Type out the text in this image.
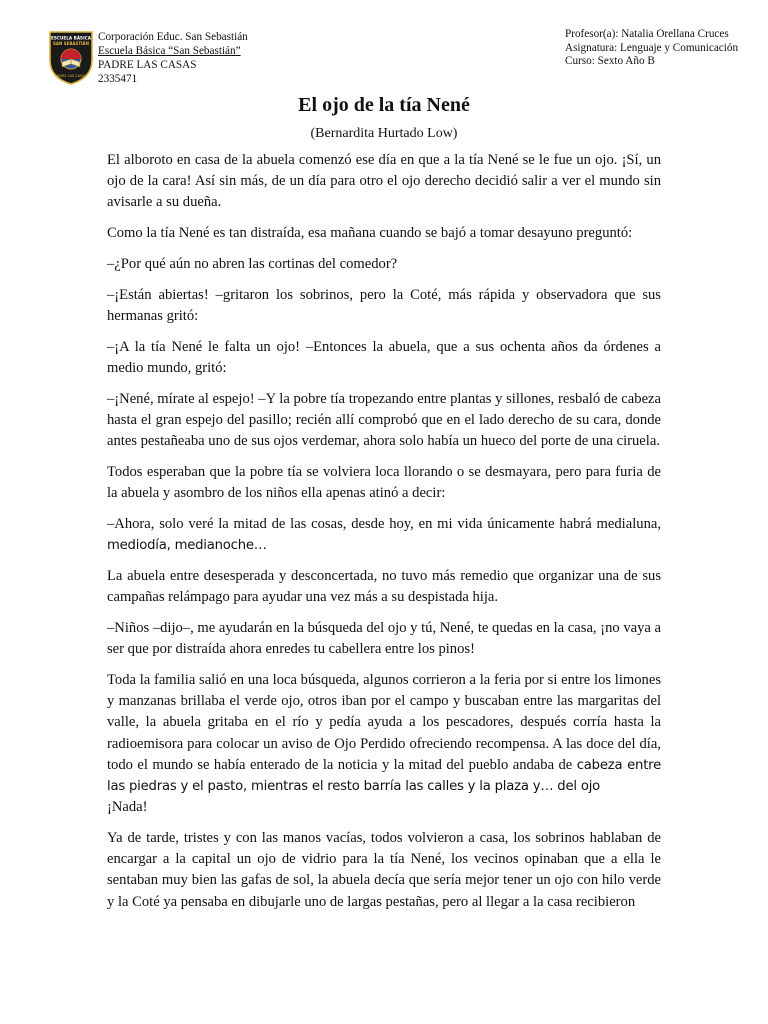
ESCUELA BÁSICA
SAN SEBASTIÁN
PADRE LAS CASAS
Corporación Educ. San Sebastián
Escuela Básica “San Sebastián”
PADRE LAS CASAS
2335471
Profesor(a): Natalia Orellana Cruces
Asignatura: Lenguaje y Comunicación
Curso: Sexto Año B
El ojo de la tía Nené
(Bernardita Hurtado Low)

El alboroto en casa de la abuela comenzó ese día en que a la tía Nené se le fue un ojo. ¡Sí, un ojo de la cara! Así sin más, de un día para otro el ojo derecho decidió salir a ver el mundo sin avisarle a su dueña.

Como la tía Nené es tan distraída, esa mañana cuando se bajó a tomar desayuno preguntó:

–¿Por qué aún no abren las cortinas del comedor?

–¡Están abiertas! –gritaron los sobrinos, pero la Coté, más rápida y observadora que sus hermanas gritó:

–¡A la tía Nené le falta un ojo! –Entonces la abuela, que a sus ochenta años da órdenes a medio mundo, gritó:

–¡Nené, mírate al espejo! –Y la pobre tía tropezando entre plantas y sillones, resbaló de cabeza hasta el gran espejo del pasillo; recién allí comprobó que en el lado derecho de su cara, donde antes pestañeaba uno de sus ojos verdemar, ahora solo había un hueco del porte de una ciruela.

Todos esperaban que la pobre tía se volviera loca llorando o se desmayara, pero para furia de la abuela y asombro de los niños ella apenas atinó a decir:

–Ahora, solo veré la mitad de las cosas, desde hoy, en mi vida únicamente habrá medialuna, mediodía, medianoche…

La abuela entre desesperada y desconcertada, no tuvo más remedio que organizar una de sus campañas relámpago para ayudar una vez más a su despistada hija.

–Niños –dijo–, me ayudarán en la búsqueda del ojo y tú, Nené, te quedas en la casa, ¡no vaya a ser que por distraída ahora enredes tu cabellera entre los pinos!

Toda la familia salió en una loca búsqueda, algunos corrieron a la feria por si entre los limones y manzanas brillaba el verde ojo, otros iban por el campo y buscaban entre las margaritas del valle, la abuela gritaba en el río y pedía ayuda a los pescadores, después corría hasta la radioemisora para colocar un aviso de Ojo Perdido ofreciendo recompensa. A las doce del día, todo el mundo se había enterado de la noticia y la mitad del pueblo andaba de cabeza entre las piedras y el pasto, mientras el resto barría las calles y la plaza y… del ojo
¡Nada!

Ya de tarde, tristes y con las manos vacías, todos volvieron a casa, los sobrinos hablaban de encargar a la capital un ojo de vidrio para la tía Nené, los vecinos opinaban que a ella le sentaban muy bien las gafas de sol, la abuela decía que sería mejor tener un ojo con hilo verde y la Coté ya pensaba en dibujarle uno de largas pestañas, pero al llegar a la casa recibieron
